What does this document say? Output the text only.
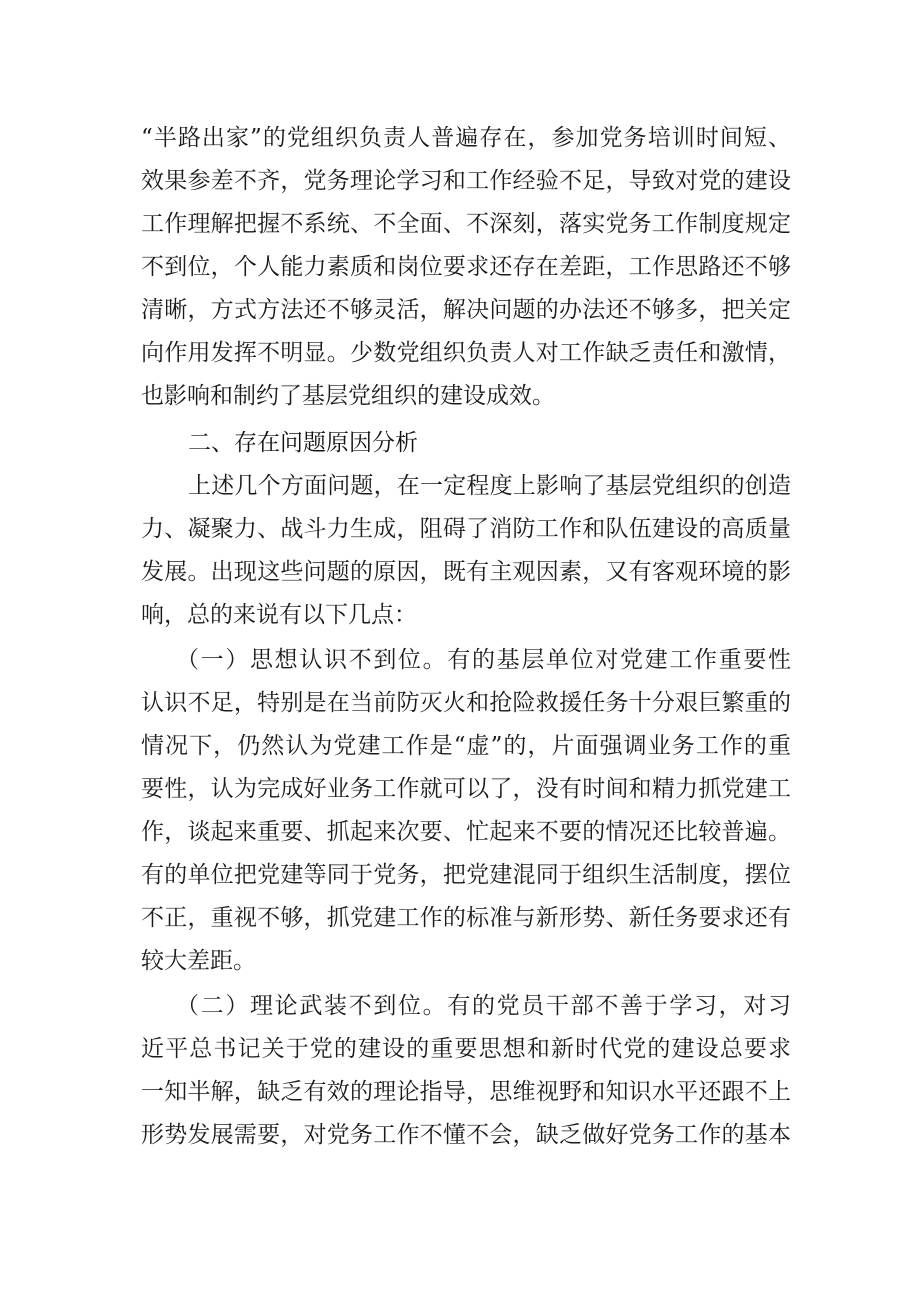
“半路出家”的党组织负责人普遍存在，参加党务培训时间短、
效果参差不齐，党务理论学习和工作经验不足，导致对党的建设
工作理解把握不系统、不全面、不深刻，落实党务工作制度规定
不到位，个人能力素质和岗位要求还存在差距，工作思路还不够
清晰，方式方法还不够灵活，解决问题的办法还不够多，把关定
向作用发挥不明显。少数党组织负责人对工作缺乏责任和激情，
也影响和制约了基层党组织的建设成效。
二、存在问题原因分析
上述几个方面问题，在一定程度上影响了基层党组织的创造
力、凝聚力、战斗力生成，阻碍了消防工作和队伍建设的高质量
发展。出现这些问题的原因，既有主观因素，又有客观环境的影
响，总的来说有以下几点：
（一）思想认识不到位。有的基层单位对党建工作重要性
认识不足，特别是在当前防灭火和抢险救援任务十分艰巨繁重的
情况下，仍然认为党建工作是“虚”的，片面强调业务工作的重
要性，认为完成好业务工作就可以了，没有时间和精力抓党建工
作，谈起来重要、抓起来次要、忙起来不要的情况还比较普遍。
有的单位把党建等同于党务，把党建混同于组织生活制度，摆位
不正，重视不够，抓党建工作的标准与新形势、新任务要求还有
较大差距。
（二）理论武装不到位。有的党员干部不善于学习，对习
近平总书记关于党的建设的重要思想和新时代党的建设总要求
一知半解，缺乏有效的理论指导，思维视野和知识水平还跟不上
形势发展需要，对党务工作不懂不会，缺乏做好党务工作的基本
